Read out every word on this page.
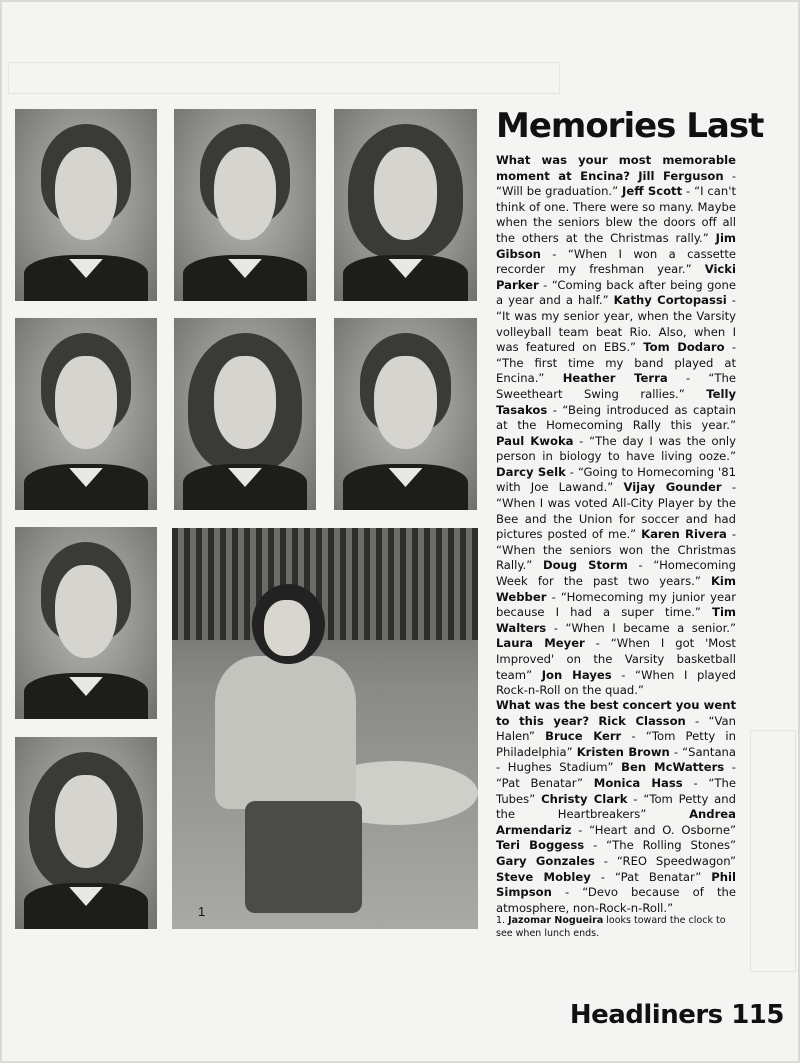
1
Memories Last
What was your most memorable moment at Encina? Jill Ferguson - “Will be graduation.” Jeff Scott - “I can't think of one. There were so many. Maybe when the seniors blew the doors off all the others at the Christmas rally.” Jim Gibson - “When I won a cassette recorder my freshman year.” Vicki Parker - “Coming back after being gone a year and a half.” Kathy Cortopassi - “It was my senior year, when the Varsity volleyball team beat Rio. Also, when I was featured on EBS.” Tom Dodaro - “The first time my band played at Encina.” Heather Terra - “The Sweetheart Swing rallies.” Telly Tasakos - “Being introduced as captain at the Homecoming Rally this year.” Paul Kwoka - “The day I was the only person in biology to have living ooze.” Darcy Selk - “Going to Homecoming '81 with Joe Lawand.” Vijay Gounder - “When I was voted All-City Player by the Bee and the Union for soccer and had pictures posted of me.” Karen Rivera - “When the seniors won the Christmas Rally.” Doug Storm - “Homecoming Week for the past two years.” Kim Webber - “Homecoming my junior year because I had a super time.” Tim Walters - “When I became a senior.” Laura Meyer - “When I got 'Most Improved' on the Varsity basketball team” Jon Hayes - “When I played Rock-n-Roll on the quad.”
What was the best concert you went to this year? Rick Classon - “Van Halen” Bruce Kerr - “Tom Petty in Philadelphia” Kristen Brown - “Santana - Hughes Stadium” Ben McWatters - “Pat Benatar” Monica Hass - “The Tubes” Christy Clark - “Tom Petty and the Heartbreakers”	Andrea Armendariz - “Heart and O. Osborne” Teri Boggess - “The Rolling Stones” Gary Gonzales - “REO Speedwagon” Steve Mobley - “Pat Benatar” Phil Simpson - “Devo because of the atmosphere, non-Rock-n-Roll.”

1. Jazomar Nogueira looks toward the clock to see when lunch ends.

Headliners 115
